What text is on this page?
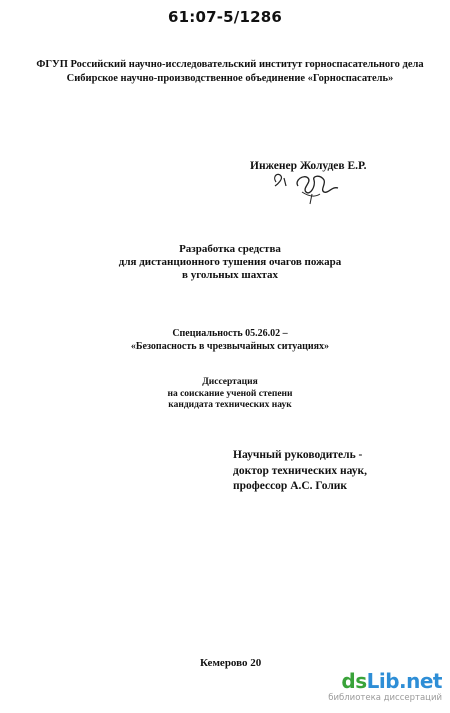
61:07-5/1286
ФГУП Российский научно-исследовательский институт горноспасательного дела
Сибирское научно-производственное объединение «Горноспасатель»
Инженер Жолудев Е.Р.
Разработка средства
для дистанционного тушения очагов пожара
в угольных шахтах
Специальность 05.26.02 –
«Безопасность в чрезвычайных ситуациях»
Диссертация
на соискание ученой степени
кандидата технических наук
Научный руководитель -
доктор технических наук,
профессор А.С. Голик
Кемерово 20
dsLib.net
библиотека диссертаций
